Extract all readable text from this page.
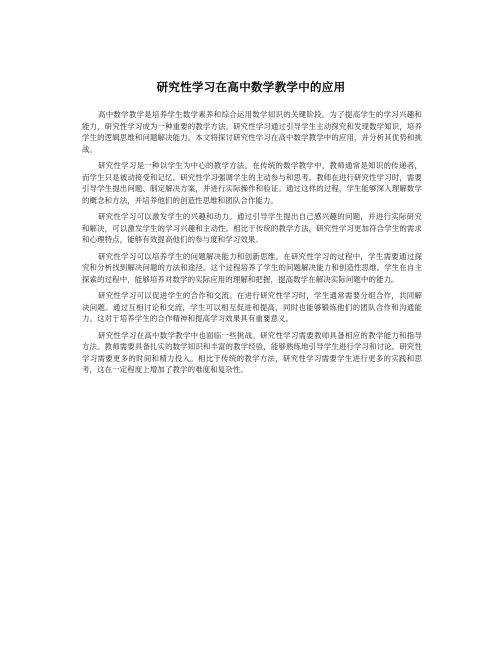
研究性学习在高中数学教学中的应用

高中数学教学是培养学生数学素养和综合运用数学知识的关键阶段。为了提高学生的学习兴趣和能力，研究性学习成为一种重要的教学方法。研究性学习通过引导学生主动探究和发现数学知识，培养学生的逻辑思维和问题解决能力。本文将探讨研究性学习在高中数学教学中的应用，并分析其优势和挑战。

研究性学习是一种以学生为中心的教学方法。在传统的数学教学中，教师通常是知识的传递者，而学生只是被动接受和记忆。研究性学习强调学生的主动参与和思考。教师在进行研究性学习时，需要引导学生提出问题、制定解决方案，并进行实际操作和验证。通过这样的过程，学生能够深入理解数学的概念和方法，并培养他们的创造性思维和团队合作能力。

研究性学习可以激发学生的兴趣和动力。通过引导学生提出自己感兴趣的问题，并进行实际研究和解决，可以激发学生的学习兴趣和主动性。相比于传统的教学方法，研究性学习更加符合学生的需求和心理特点，能够有效提高他们的参与度和学习效果。

研究性学习可以培养学生的问题解决能力和创新思维。在研究性学习的过程中，学生需要通过探究和分析找到解决问题的方法和途径。这个过程培养了学生的问题解决能力和创造性思维。学生在自主探索的过程中，能够培养对数学的实际应用的理解和把握，提高数学在解决实际问题中的能力。

研究性学习可以促进学生的合作和交流。在进行研究性学习时，学生通常需要分组合作，共同解决问题。通过互相讨论和交流，学生可以相互促进和提高，同时也能够锻炼他们的团队合作和沟通能力。这对于培养学生的合作精神和提高学习效果具有重要意义。

研究性学习在高中数学教学中也面临一些挑战。研究性学习需要教师具备相应的教学能力和指导方法。教师需要具备扎实的数学知识和丰富的教学经验，能够熟练地引导学生进行学习和讨论。研究性学习需要更多的时间和精力投入。相比于传统的教学方法，研究性学习需要学生进行更多的实践和思考，这在一定程度上增加了教学的难度和复杂性。
